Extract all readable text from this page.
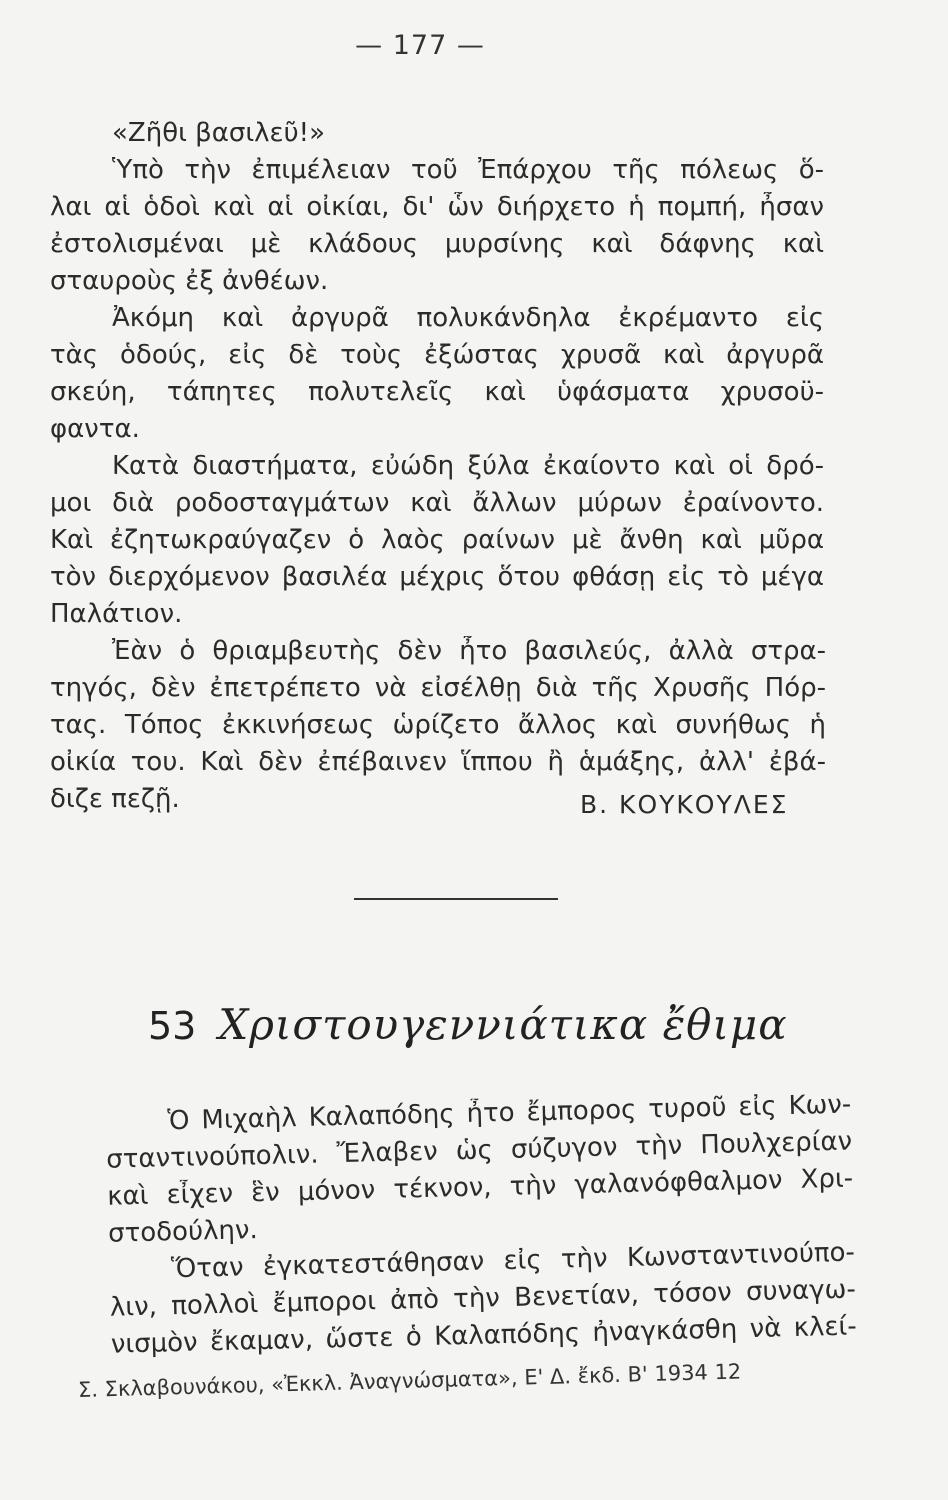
— 177 —
«Ζῆθι βασιλεῦ!»
Ὑπὸ τὴν ἐπιμέλειαν τοῦ Ἐπάρχου τῆς πόλεως ὅ-
λαι αἱ ὁδοὶ καὶ αἱ οἰκίαι, δι' ὧν διήρχετο ἡ πομπή, ἦσαν
ἐστολισμέναι μὲ κλάδους μυρσίνης καὶ δάφνης καὶ
σταυροὺς ἐξ ἀνθέων.
Ἀκόμη καὶ ἀργυρᾶ πολυκάνδηλα ἐκρέμαντο εἰς
τὰς ὁδούς, εἰς δὲ τοὺς ἐξώστας χρυσᾶ καὶ ἀργυρᾶ
σκεύη, τάπητες πολυτελεῖς καὶ ὑφάσματα χρυσοϋ-
φαντα.
Κατὰ διαστήματα, εὐώδη ξύλα ἐκαίοντο καὶ οἱ δρό-
μοι διὰ ροδοσταγμάτων καὶ ἄλλων μύρων ἐραίνοντο.
Καὶ ἐζητωκραύγαζεν ὁ λαὸς ραίνων μὲ ἄνθη καὶ μῦρα
τὸν διερχόμενον βασιλέα μέχρις ὅτου φθάσῃ εἰς τὸ μέγα
Παλάτιον.
Ἐὰν ὁ θριαμβευτὴς δὲν ἦτο βασιλεύς, ἀλλὰ στρα-
τηγός, δὲν ἐπετρέπετο νὰ εἰσέλθῃ διὰ τῆς Χρυσῆς Πόρ-
τας. Τόπος ἐκκινήσεως ὡρίζετο ἄλλος καὶ συνήθως ἡ
οἰκία του. Καὶ δὲν ἐπέβαινεν ἵππου ἢ ἁμάξης, ἀλλ' ἐβά-
διζε πεζῇ.	Β. ΚΟΥΚΟΥΛΕΣ
53 Χριστουγεννιάτικα ἔθιμα
Ὁ Μιχαὴλ Καλαπόδης ἦτο ἔμπορος τυροῦ εἰς Κων-
σταντινούπολιν. Ἔλαβεν ὡς σύζυγον τὴν Πουλχερίαν
καὶ εἶχεν ἓν μόνον τέκνον, τὴν γαλανόφθαλμον Χρι-
στοδούλην.
Ὅταν ἐγκατεστάθησαν εἰς τὴν Κωνσταντινούπο-
λιν, πολλοὶ ἔμποροι ἀπὸ τὴν Βενετίαν, τόσον συναγω-
νισμὸν ἔκαμαν, ὥστε ὁ Καλαπόδης ἠναγκάσθη νὰ κλεί-
Σ. Σκλαβουνάκου, «Ἐκκλ. Ἀναγνώσματα», Ε' Δ. ἔκδ. Β' 1934 12
